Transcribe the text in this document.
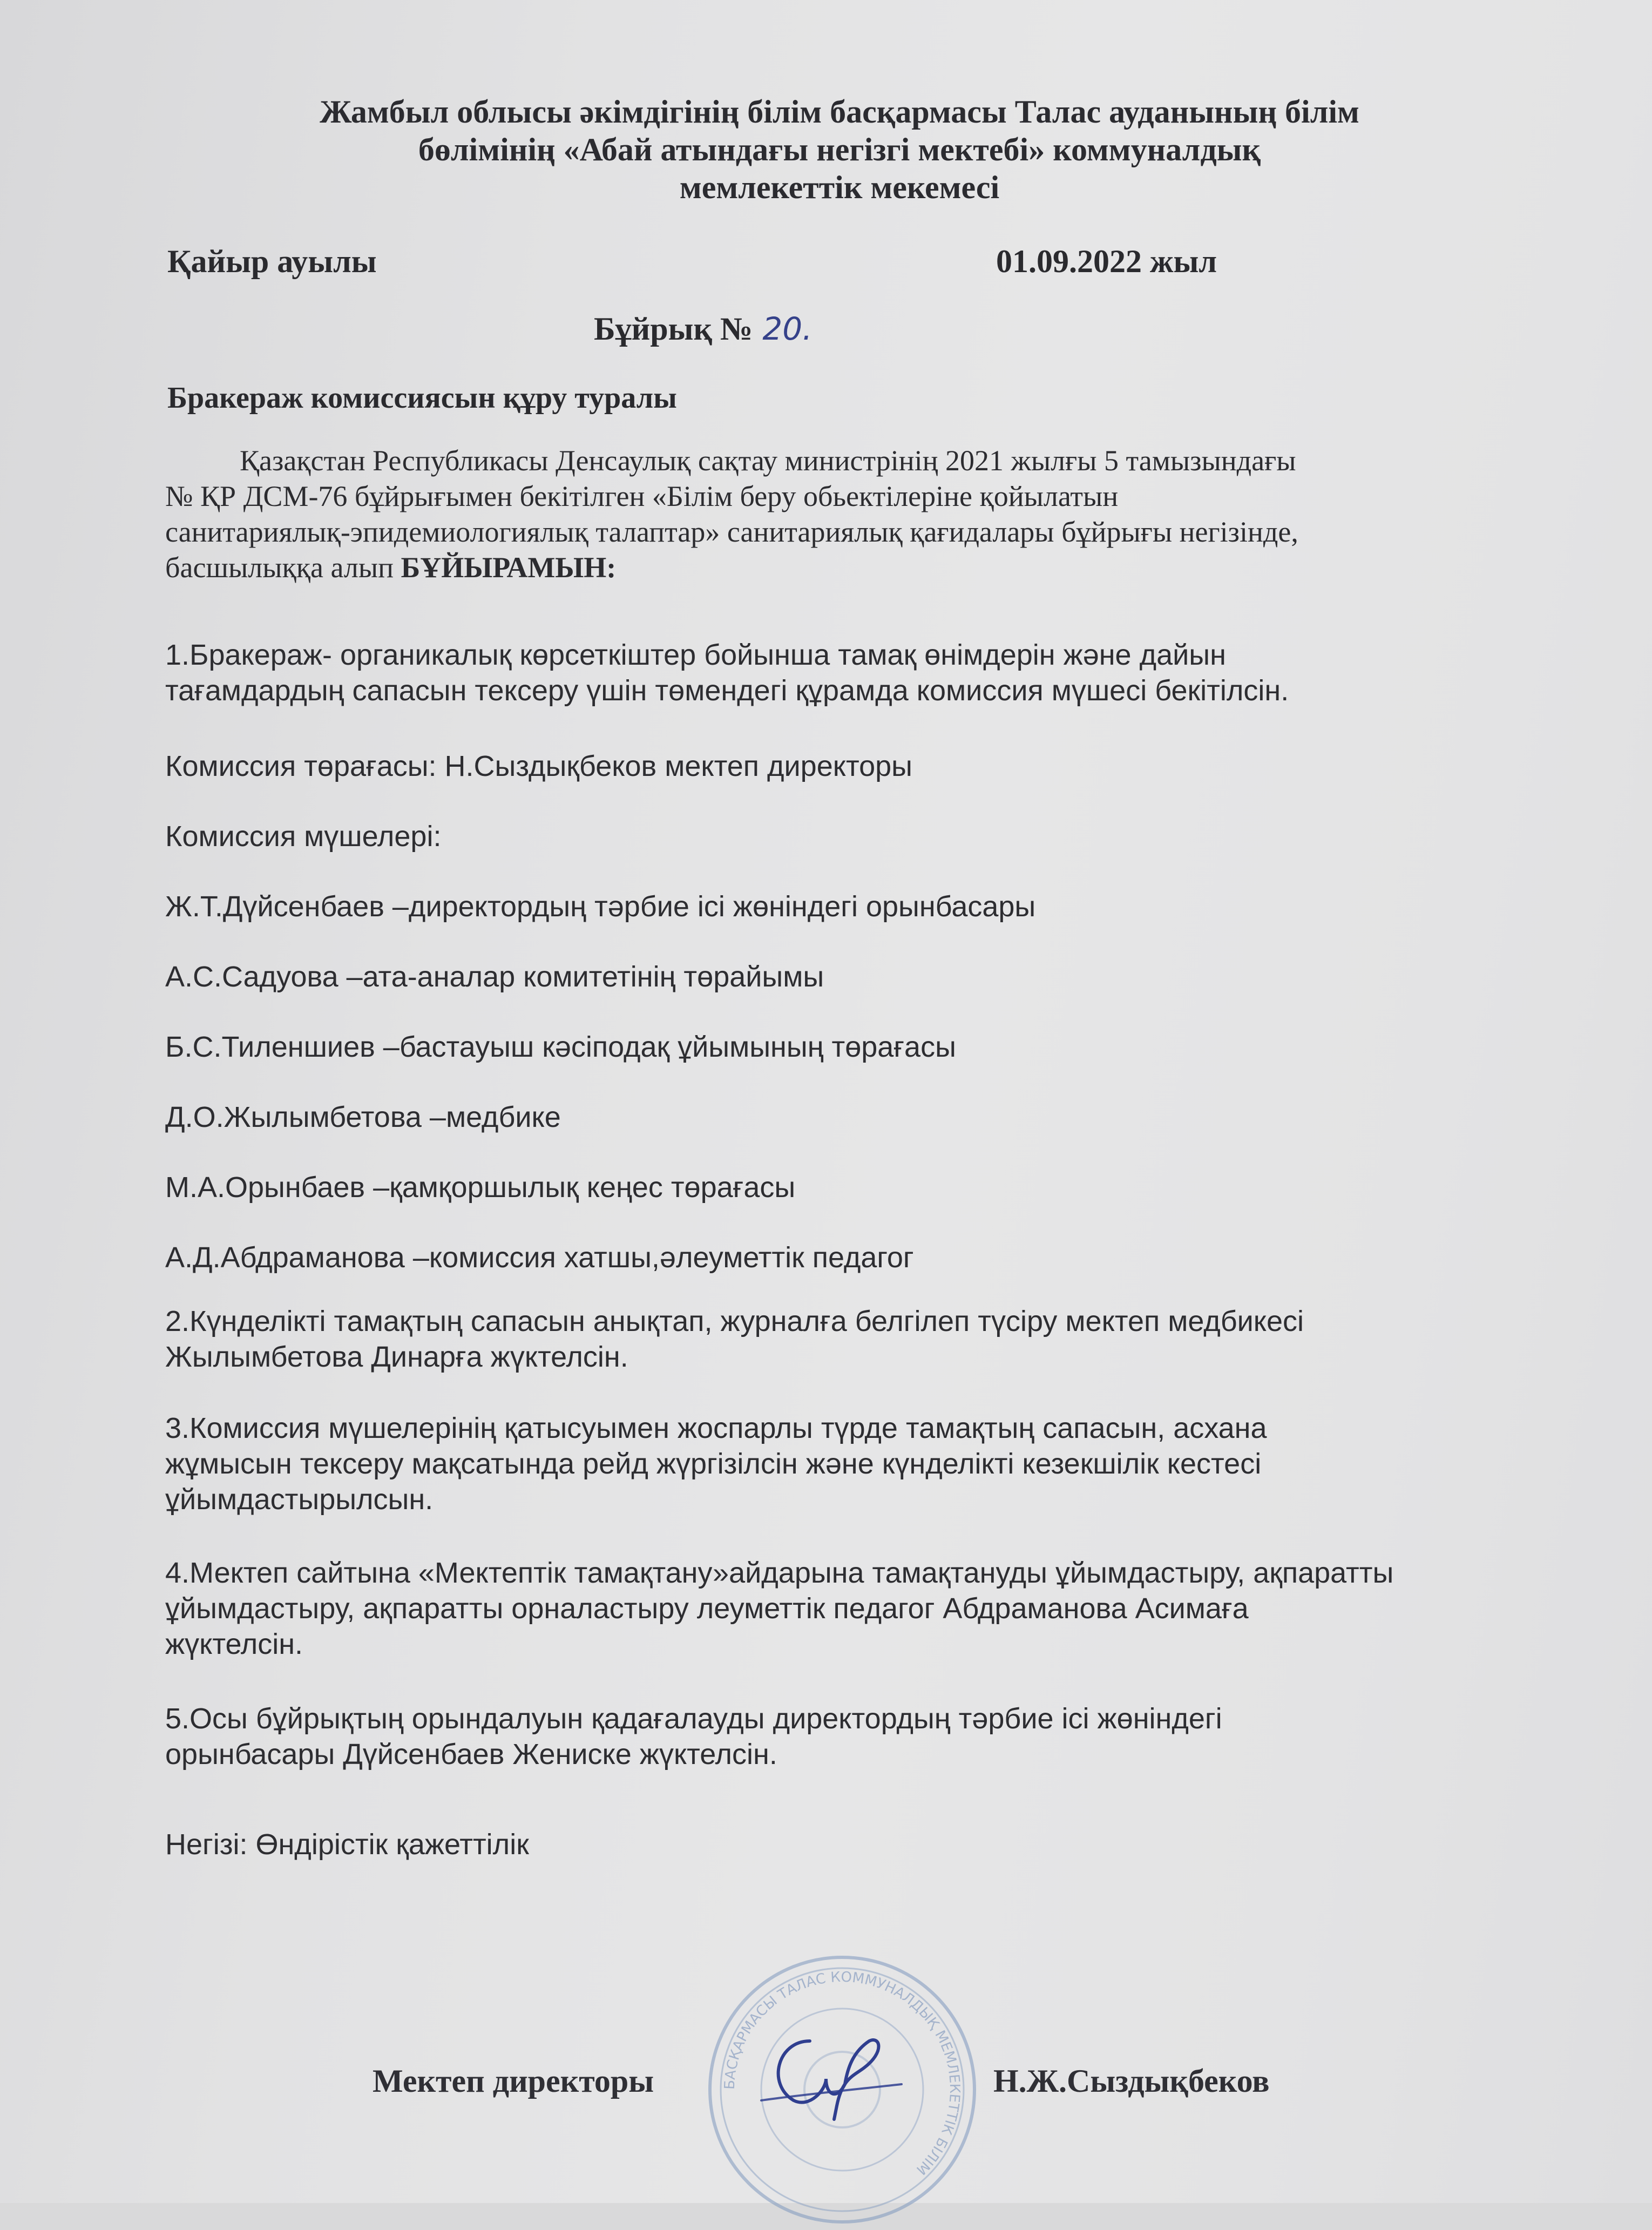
Жамбыл облысы әкімдігінің білім басқармасы Талас ауданының білім
бөлімінің «Абай атындағы негізгі мектебі» коммуналдық
мемлекеттік мекемесі
Қайыр ауылы	01.09.2022 жыл
Бұйрық № 20.
Бракераж комиссиясын құру туралы
Қазақстан Республикасы Денсаулық сақтау министрінің 2021 жылғы 5 тамызындағы
№ ҚР ДСМ-76 бұйрығымен бекітілген «Білім беру обьектілеріне қойылатын
санитариялық-эпидемиологиялық талаптар» санитариялық қағидалары бұйрығы негізінде,
басшылыққа алып БҰЙЫРАМЫН:
1.Бракераж- органикалық көрсеткіштер бойынша тамақ өнімдерін және дайын
тағамдардың сапасын тексеру үшін төмендегі құрамда комиссия мүшесі бекітілсін.
Комиссия төрағасы: Н.Сыздықбеков мектеп директоры
Комиссия мүшелері:
Ж.Т.Дүйсенбаев –директордың тәрбие ісі жөніндегі орынбасары
А.С.Садуова –ата-аналар комитетінің төрайымы
Б.С.Тиленшиев –бастауыш кәсіподақ ұйымының төрағасы
Д.О.Жылымбетова –медбике
М.А.Орынбаев –қамқоршылық кеңес төрағасы
А.Д.Абдраманова –комиссия хатшы,әлеуметтік педагог
2.Күнделікті тамақтың сапасын анықтап, журналға белгілеп түсіру мектеп медбикесі
Жылымбетова Динарға жүктелсін.
3.Комиссия мүшелерінің қатысуымен жоспарлы түрде тамақтың сапасын, асхана
жұмысын тексеру мақсатында рейд жүргізілсін және күнделікті кезекшілік кестесі
ұйымдастырылсын.
4.Мектеп сайтына «Мектептік тамақтану»айдарына тамақтануды ұйымдастыру, ақпаратты
ұйымдастыру, ақпаратты орналастыру леуметтік педагог Абдраманова Асимаға
жүктелсін.
5.Осы бұйрықтың орындалуын қадағалауды директордың тәрбие ісі жөніндегі
орынбасары Дүйсенбаев Жениске жүктелсін.
Негізі: Өндірістік қажеттілік
БАСҚАРМАСЫ ТАЛАС КОММУНАЛДЫҚ МЕМЛЕКЕТТІК БІЛІМ
Мектеп директоры	Н.Ж.Сыздықбеков
